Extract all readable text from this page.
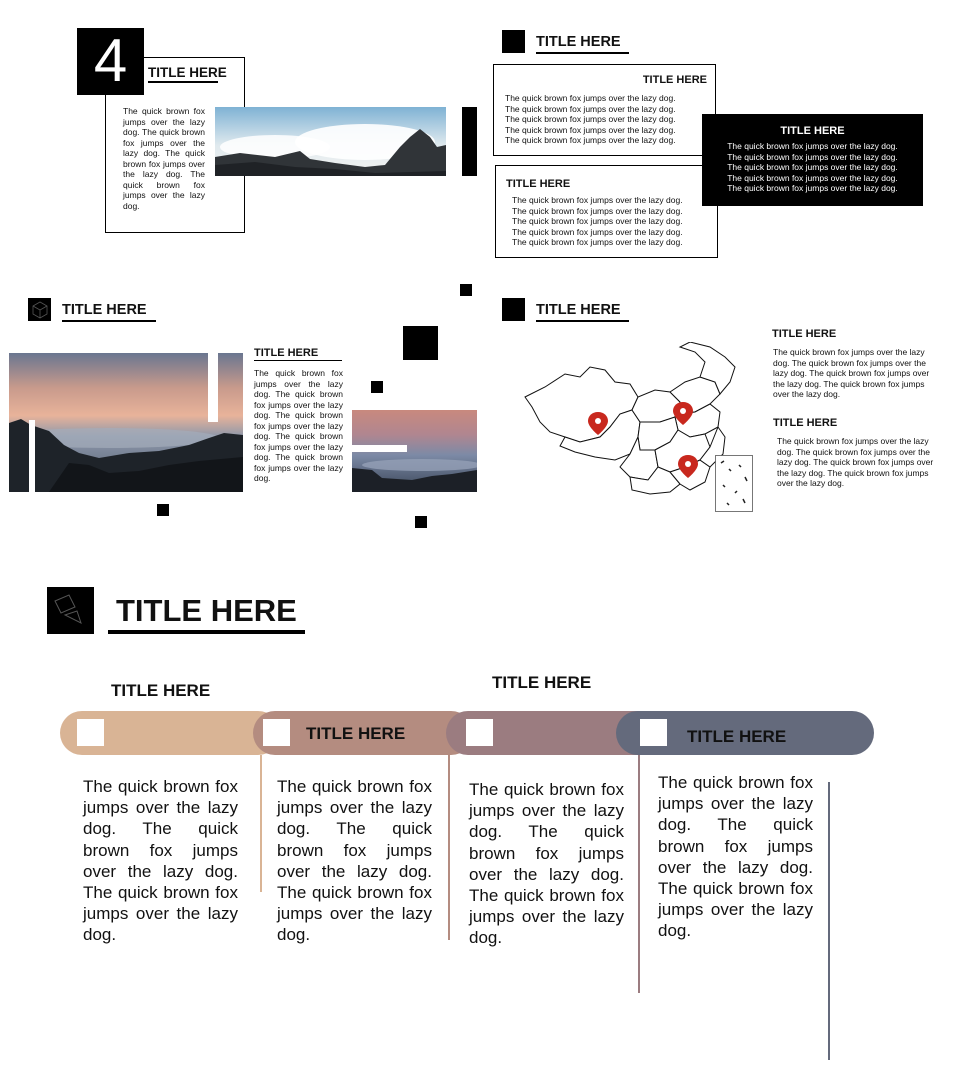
4	TITLE HERE
The quick brown fox jumps over the lazy dog. The quick brown fox jumps over the lazy dog. The quick brown fox jumps over the lazy dog. The quick brown fox jumps over the lazy dog.
TITLE HERE
TITLE HERE
The quick brown fox jumps over the lazy dog.
The quick brown fox jumps over the lazy dog.
The quick brown fox jumps over the lazy dog.
The quick brown fox jumps over the lazy dog.
The quick brown fox jumps over the lazy dog.
TITLE HERE
The quick brown fox jumps over the lazy dog.
The quick brown fox jumps over the lazy dog.
The quick brown fox jumps over the lazy dog.
The quick brown fox jumps over the lazy dog.
The quick brown fox jumps over the lazy dog.
TITLE HERE
The quick brown fox jumps over the lazy dog.
The quick brown fox jumps over the lazy dog.
The quick brown fox jumps over the lazy dog.
The quick brown fox jumps over the lazy dog.
The quick brown fox jumps over the lazy dog.
TITLE HERE
TITLE HERE
The quick brown fox jumps over the lazy dog. The quick brown fox jumps over the lazy dog. The quick brown fox jumps over the lazy dog. The quick brown fox jumps over the lazy dog. The quick brown fox jumps over the lazy dog.
TITLE HERE
TITLE HERE
The quick brown fox jumps over the lazy dog. The quick brown fox jumps over the lazy dog. The quick brown fox jumps over the lazy dog. The quick brown fox jumps over the lazy dog.
TITLE HERE
The quick brown fox jumps over the lazy dog. The quick brown fox jumps over the lazy dog. The quick brown fox jumps over the lazy dog. The quick brown fox jumps over the lazy dog.
TITLE HERE
TITLE HERE	TITLE HERE
TITLE HERE	TITLE HERE
The quick brown fox jumps over the lazy dog. The quick brown fox jumps over the lazy dog. The quick brown fox jumps over the lazy dog.
The quick brown fox jumps over the lazy dog. The quick brown fox jumps over the lazy dog. The quick brown fox jumps over the lazy dog.
The quick brown fox jumps over the lazy dog. The quick brown fox jumps over the lazy dog. The quick brown fox jumps over the lazy dog.
The quick brown fox jumps over the lazy dog. The quick brown fox jumps over the lazy dog. The quick brown fox jumps over the lazy dog.
